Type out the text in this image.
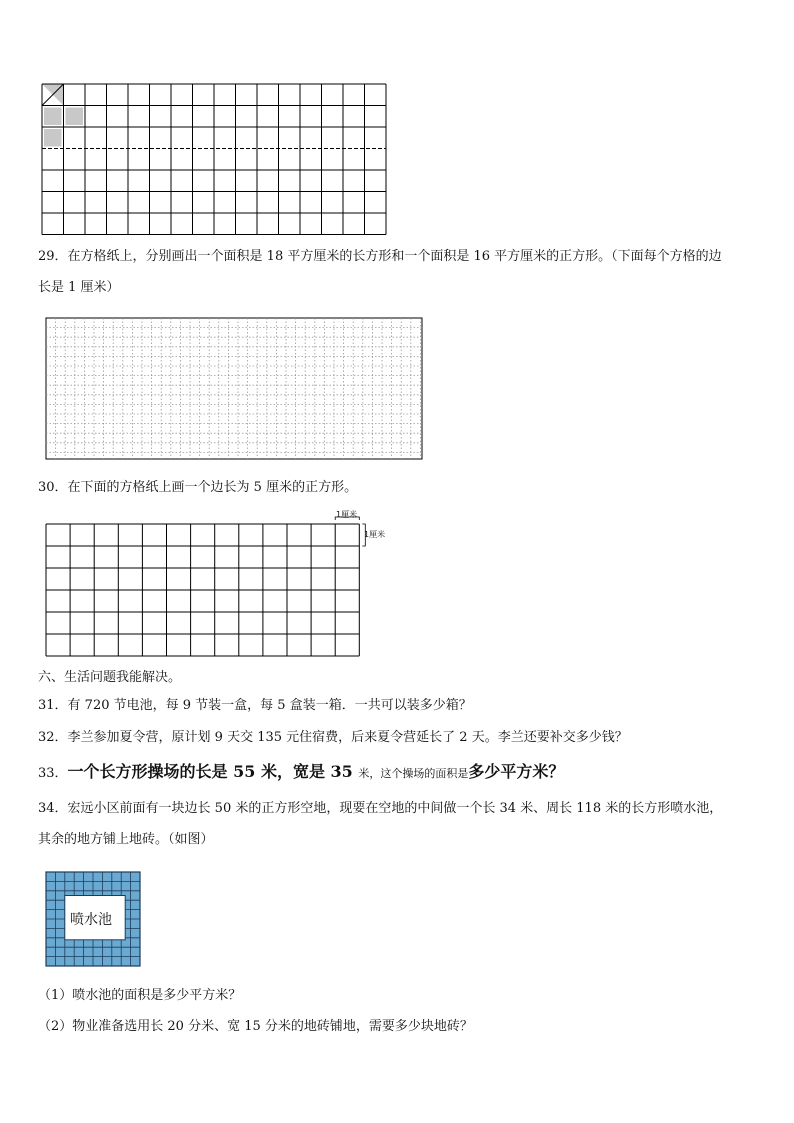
29．在方格纸上，分别画出一个面积是 18 平方厘米的长方形和一个面积是 16 平方厘米的正方形。（下面每个方格的边
长是 1 厘米）
30．在下面的方格纸上画一个边长为 5 厘米的正方形。
1厘米
1厘米
六、生活问题我能解决。
31．有 720 节电池，每 9 节装一盒，每 5 盒装一箱．一共可以装多少箱？
32．李兰参加夏令营，原计划 9 天交 135 元住宿费，后来夏令营延长了 2 天。李兰还要补交多少钱？
33．一个长方形操场的长是 55 米，宽是 35 米，这个操场的面积是多少平方米？
34．宏远小区前面有一块边长 50 米的正方形空地，现要在空地的中间做一个长 34 米、周长 118 米的长方形喷水池，
其余的地方铺上地砖。（如图）
喷水池
（1）喷水池的面积是多少平方米？
（2）物业准备选用长 20 分米、宽 15 分米的地砖铺地，需要多少块地砖？
